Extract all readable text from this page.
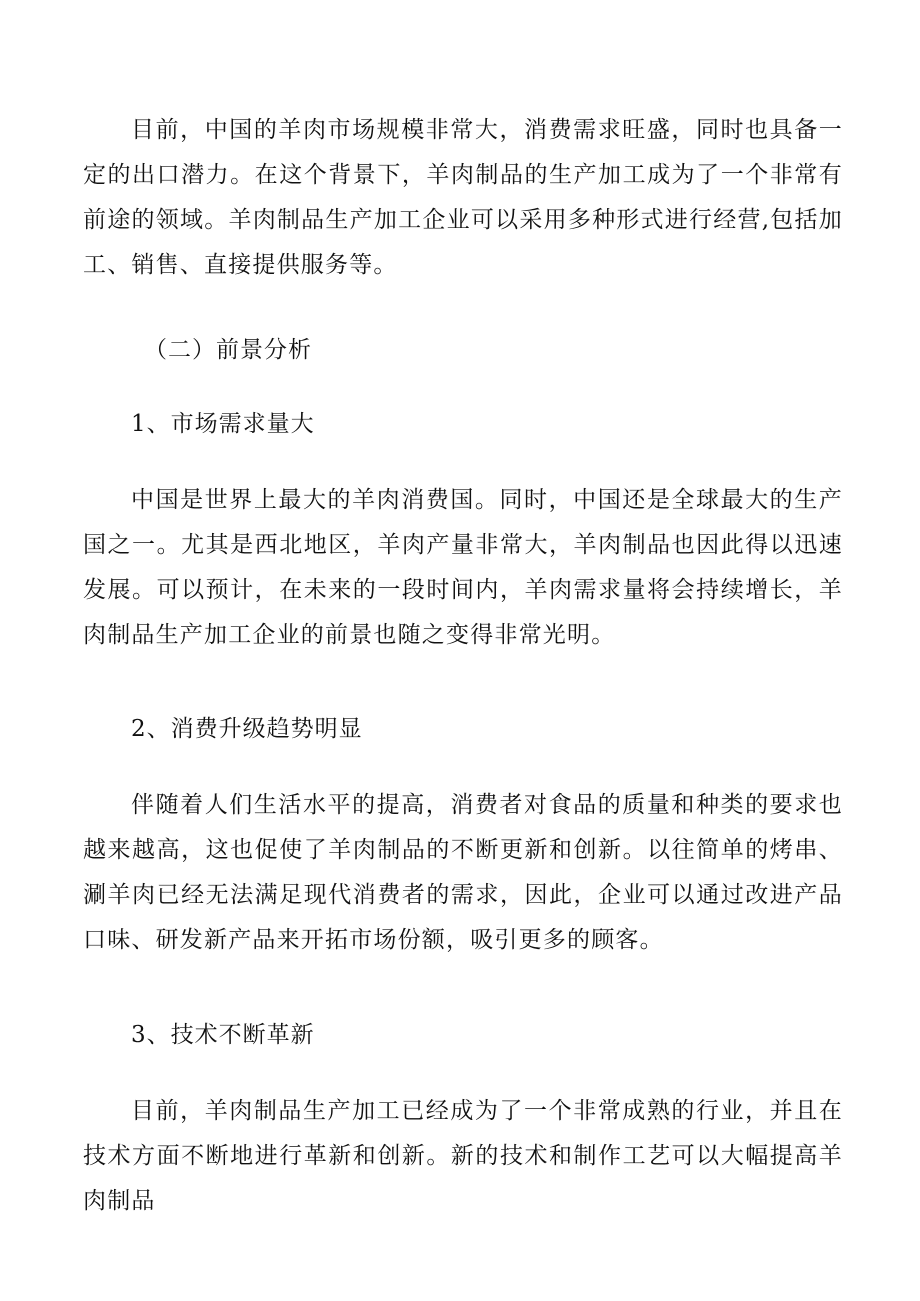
目前，中国的羊肉市场规模非常大，消费需求旺盛，同时也具备一定的出口潜力。在这个背景下，羊肉制品的生产加工成为了一个非常有前途的领域。羊肉制品生产加工企业可以采用多种形式进行经营,包括加工、销售、直接提供服务等。

（二）前景分析

1、市场需求量大

中国是世界上最大的羊肉消费国。同时，中国还是全球最大的生产国之一。尤其是西北地区，羊肉产量非常大，羊肉制品也因此得以迅速发展。可以预计，在未来的一段时间内，羊肉需求量将会持续增长，羊肉制品生产加工企业的前景也随之变得非常光明。

2、消费升级趋势明显

伴随着人们生活水平的提高，消费者对食品的质量和种类的要求也越来越高，这也促使了羊肉制品的不断更新和创新。以往简单的烤串、涮羊肉已经无法满足现代消费者的需求，因此，企业可以通过改进产品口味、研发新产品来开拓市场份额，吸引更多的顾客。

3、技术不断革新

目前，羊肉制品生产加工已经成为了一个非常成熟的行业，并且在技术方面不断地进行革新和创新。新的技术和制作工艺可以大幅提高羊肉制品
